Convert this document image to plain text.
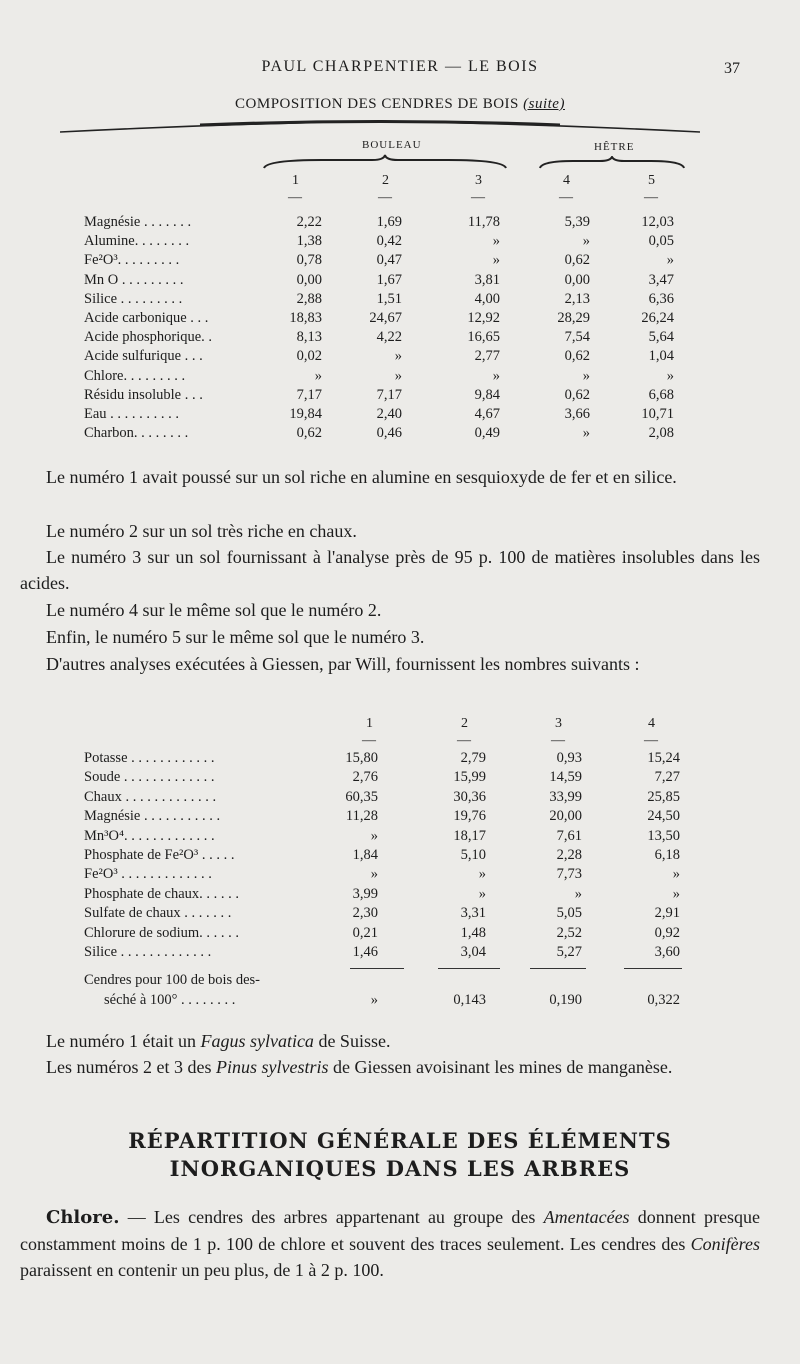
PAUL CHARPENTIER — LE BOIS	37
COMPOSITION DES CENDRES DE BOIS (suite)
BOULEAU	HÊTRE
1	2	3	4	5
—	—	—	—	—
Magnésie . . . . . . .	2,22	1,69	11,78	5,39	12,03
Alumine. . . . . . . .	1,38	0,42	»	»	0,05
Fe²O³. . . . . . . . .	0,78	0,47	»	0,62	»
Mn O . . . . . . . . .	0,00	1,67	3,81	0,00	3,47
Silice . . . . . . . . .	2,88	1,51	4,00	2,13	6,36
Acide carbonique . . .	18,83	24,67	12,92	28,29	26,24
Acide phosphorique. .	8,13	4,22	16,65	7,54	5,64
Acide sulfurique . . .	0,02	»	2,77	0,62	1,04
Chlore. . . . . . . . .	»	»	»	»	»
Résidu insoluble . . .	7,17	7,17	9,84	0,62	6,68
Eau . . . . . . . . . .	19,84	2,40	4,67	3,66	10,71
Charbon. . . . . . . .	0,62	0,46	0,49	»	2,08
Le numéro 1 avait poussé sur un sol riche en alumine en sesquioxyde de fer et en silice.
Le numéro 2 sur un sol très riche en chaux.
Le numéro 3 sur un sol fournissant à l'analyse près de 95 p. 100 de matières insolubles dans les acides.
Le numéro 4 sur le même sol que le numéro 2.
Enfin, le numéro 5 sur le même sol que le numéro 3.
D'autres analyses exécutées à Giessen, par Will, fournissent les nombres suivants :
1	2	3	4
—	—	—	—
Potasse . . . . . . . . . . . .	15,80	2,79	0,93	15,24
Soude . . . . . . . . . . . . .	2,76	15,99	14,59	7,27
Chaux . . . . . . . . . . . . .	60,35	30,36	33,99	25,85
Magnésie . . . . . . . . . . .	11,28	19,76	20,00	24,50
Mn³O⁴. . . . . . . . . . . . .	»	18,17	7,61	13,50
Phosphate de Fe²O³ . . . . .	1,84	5,10	2,28	6,18
Fe²O³ . . . . . . . . . . . . .	»	»	7,73	»
Phosphate de chaux. . . . . .	3,99	»	»	»
Sulfate de chaux . . . . . . .	2,30	3,31	5,05	2,91
Chlorure de sodium. . . . . .	0,21	1,48	2,52	0,92
Silice . . . . . . . . . . . . .	1,46	3,04	5,27	3,60
Cendres pour 100 de bois des-
séché à 100° . . . . . . . .	»	0,143	0,190	0,322
Le numéro 1 était un Fagus sylvatica de Suisse.
Les numéros 2 et 3 des Pinus sylvestris de Giessen avoisinant les mines de manganèse.
RÉPARTITION GÉNÉRALE DES ÉLÉMENTS
INORGANIQUES DANS LES ARBRES
Chlore. — Les cendres des arbres appartenant au groupe des Amentacées donnent presque constamment moins de 1 p. 100 de chlore et souvent des traces seulement. Les cendres des Conifères paraissent en contenir un peu plus, de 1 à 2 p. 100.
